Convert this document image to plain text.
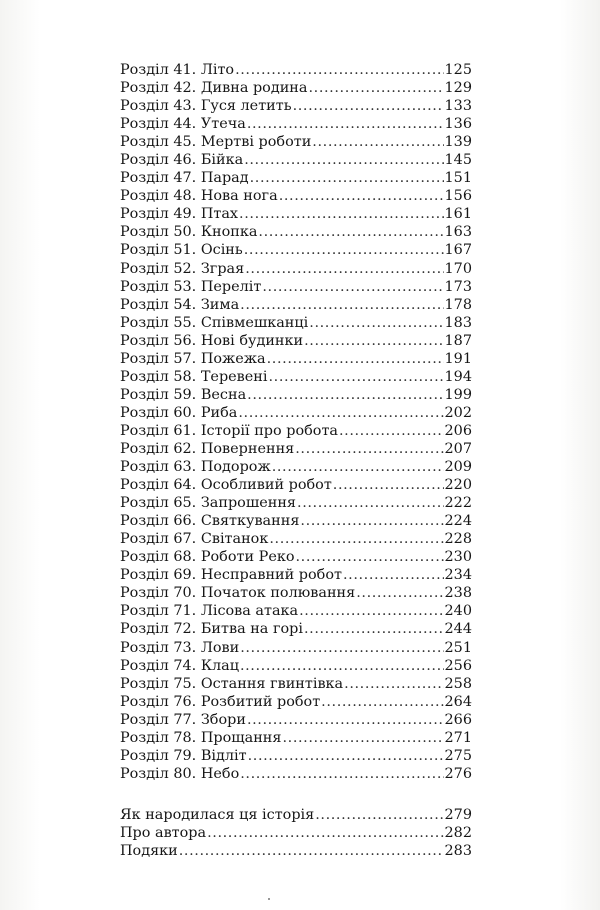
Розділ 41. Літо .....	125
Розділ 42. Дивна родина .....	129
Розділ 43. Гуся летить .....	133
Розділ 44. Утеча .....	136
Розділ 45. Мертві роботи .....	139
Розділ 46. Бійка .....	145
Розділ 47. Парад .....	151
Розділ 48. Нова нога .....	156
Розділ 49. Птах .....	161
Розділ 50. Кнопка .....	163
Розділ 51. Осінь .....	167
Розділ 52. Зграя .....	170
Розділ 53. Переліт .....	173
Розділ 54. Зима .....	178
Розділ 55. Співмешканці .....	183
Розділ 56. Нові будинки .....	187
Розділ 57. Пожежа .....	191
Розділ 58. Теревені .....	194
Розділ 59. Весна .....	199
Розділ 60. Риба .....	202
Розділ 61. Історії про робота .....	206
Розділ 62. Повернення .....	207
Розділ 63. Подорож .....	209
Розділ 64. Особливий робот .....	220
Розділ 65. Запрошення .....	222
Розділ 66. Святкування .....	224
Розділ 67. Світанок .....	228
Розділ 68. Роботи Реко .....	230
Розділ 69. Несправний робот .....	234
Розділ 70. Початок полювання .....	238
Розділ 71. Лісова атака .....	240
Розділ 72. Битва на горі .....	244
Розділ 73. Лови .....	251
Розділ 74. Клац .....	256
Розділ 75. Остання гвинтівка .....	258
Розділ 76. Розбитий робот .....	264
Розділ 77. Збори .....	266
Розділ 78. Прощання .....	271
Розділ 79. Відліт .....	275
Розділ 80. Небо .....	276
Як народилася ця історія .....	279
Про автора .....	282
Подяки .....	283
